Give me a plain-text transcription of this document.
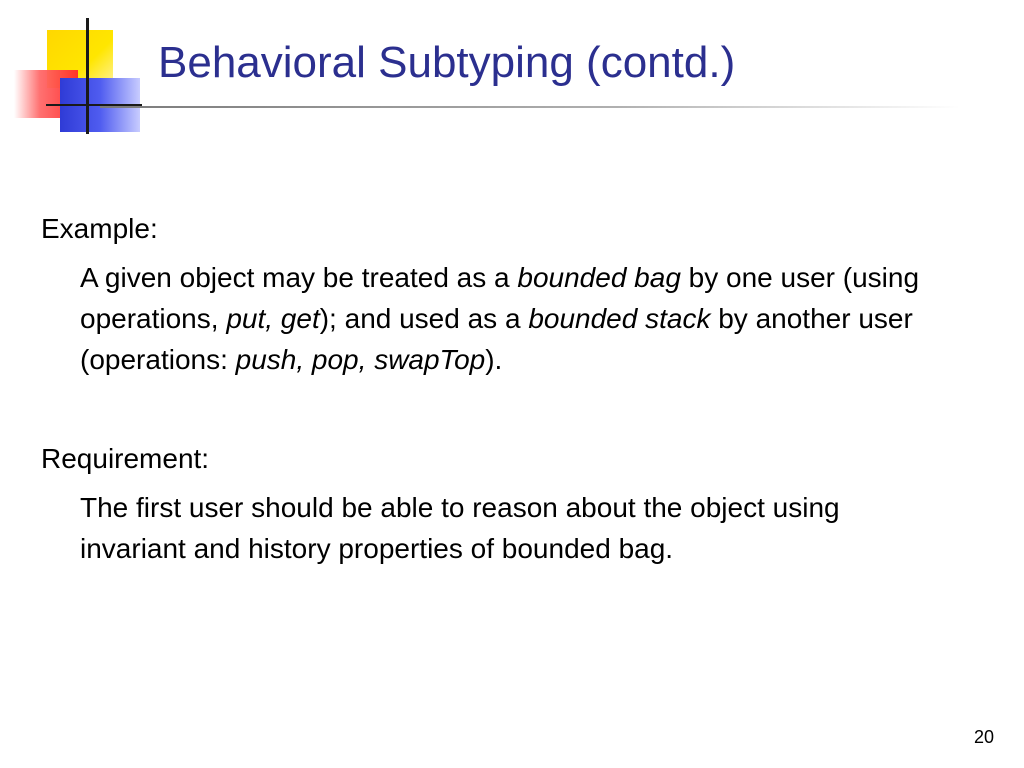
Behavioral Subtyping (contd.)
Example:
A given object may be treated as a bounded bag by one user (using operations, put, get); and used as a bounded stack by another user (operations: push, pop, swapTop).
Requirement:
The first user should be able to reason about the object using invariant and history properties of bounded bag.
20
